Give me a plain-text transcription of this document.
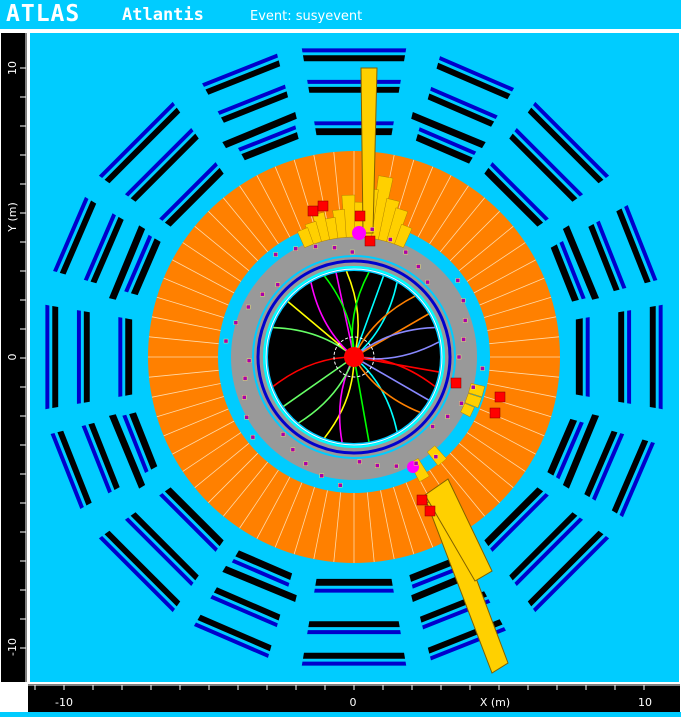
ATLAS Atlantis	Event: susyevent
Y (m)
10
0
-10
-10	0	X (m)	10
